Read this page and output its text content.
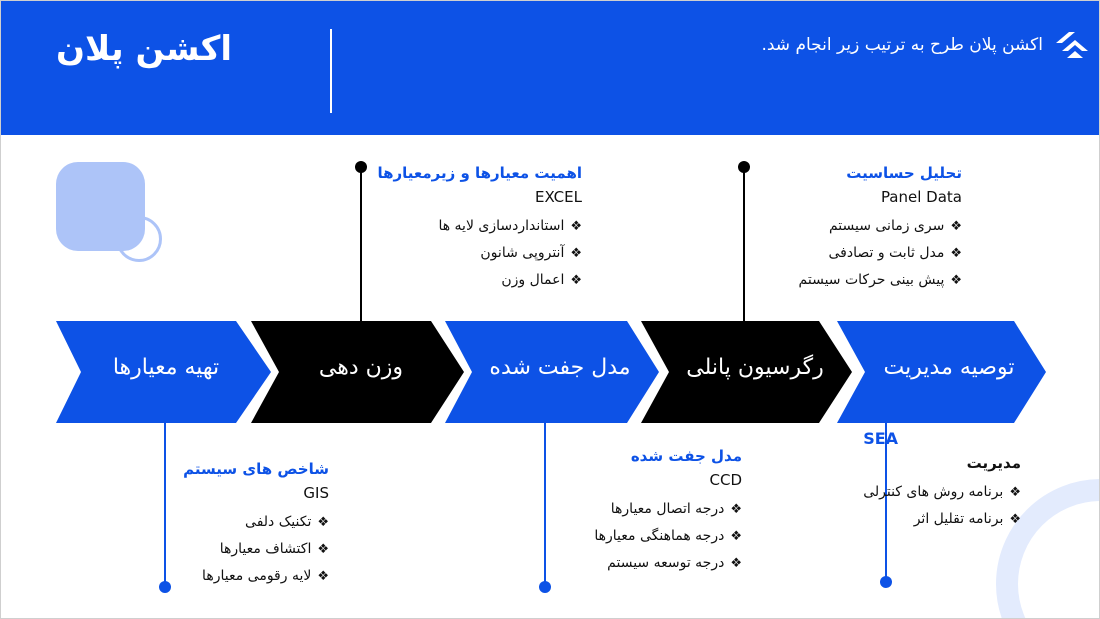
اکشن پلان	اکشن پلان طرح به ترتیب زیر انجام شد.
تهیه معیارها	وزن دهی	مدل جفت شده	رگرسیون پانلی	توصیه مدیریت
اهمیت معیارها و زیرمعیارها
EXCEL
❖استانداردسازی لایه ها
❖آنتروپی شانون
❖اعمال وزن
تحلیل حساسیت
Panel Data
❖سری زمانی سیستم
❖مدل ثابت و تصادفی
❖پیش بینی حرکات سیستم
شاخص های سیستم
GIS
❖تکنیک دلفی
❖اکتشاف معیارها
❖لایه رقومی معیارها
مدل جفت شده
CCD
❖درجه اتصال معیارها
❖درجه هماهنگی معیارها
❖درجه توسعه سیستم
SEA
مدیریت
❖برنامه روش های کنترلی
❖برنامه تقلیل اثر
